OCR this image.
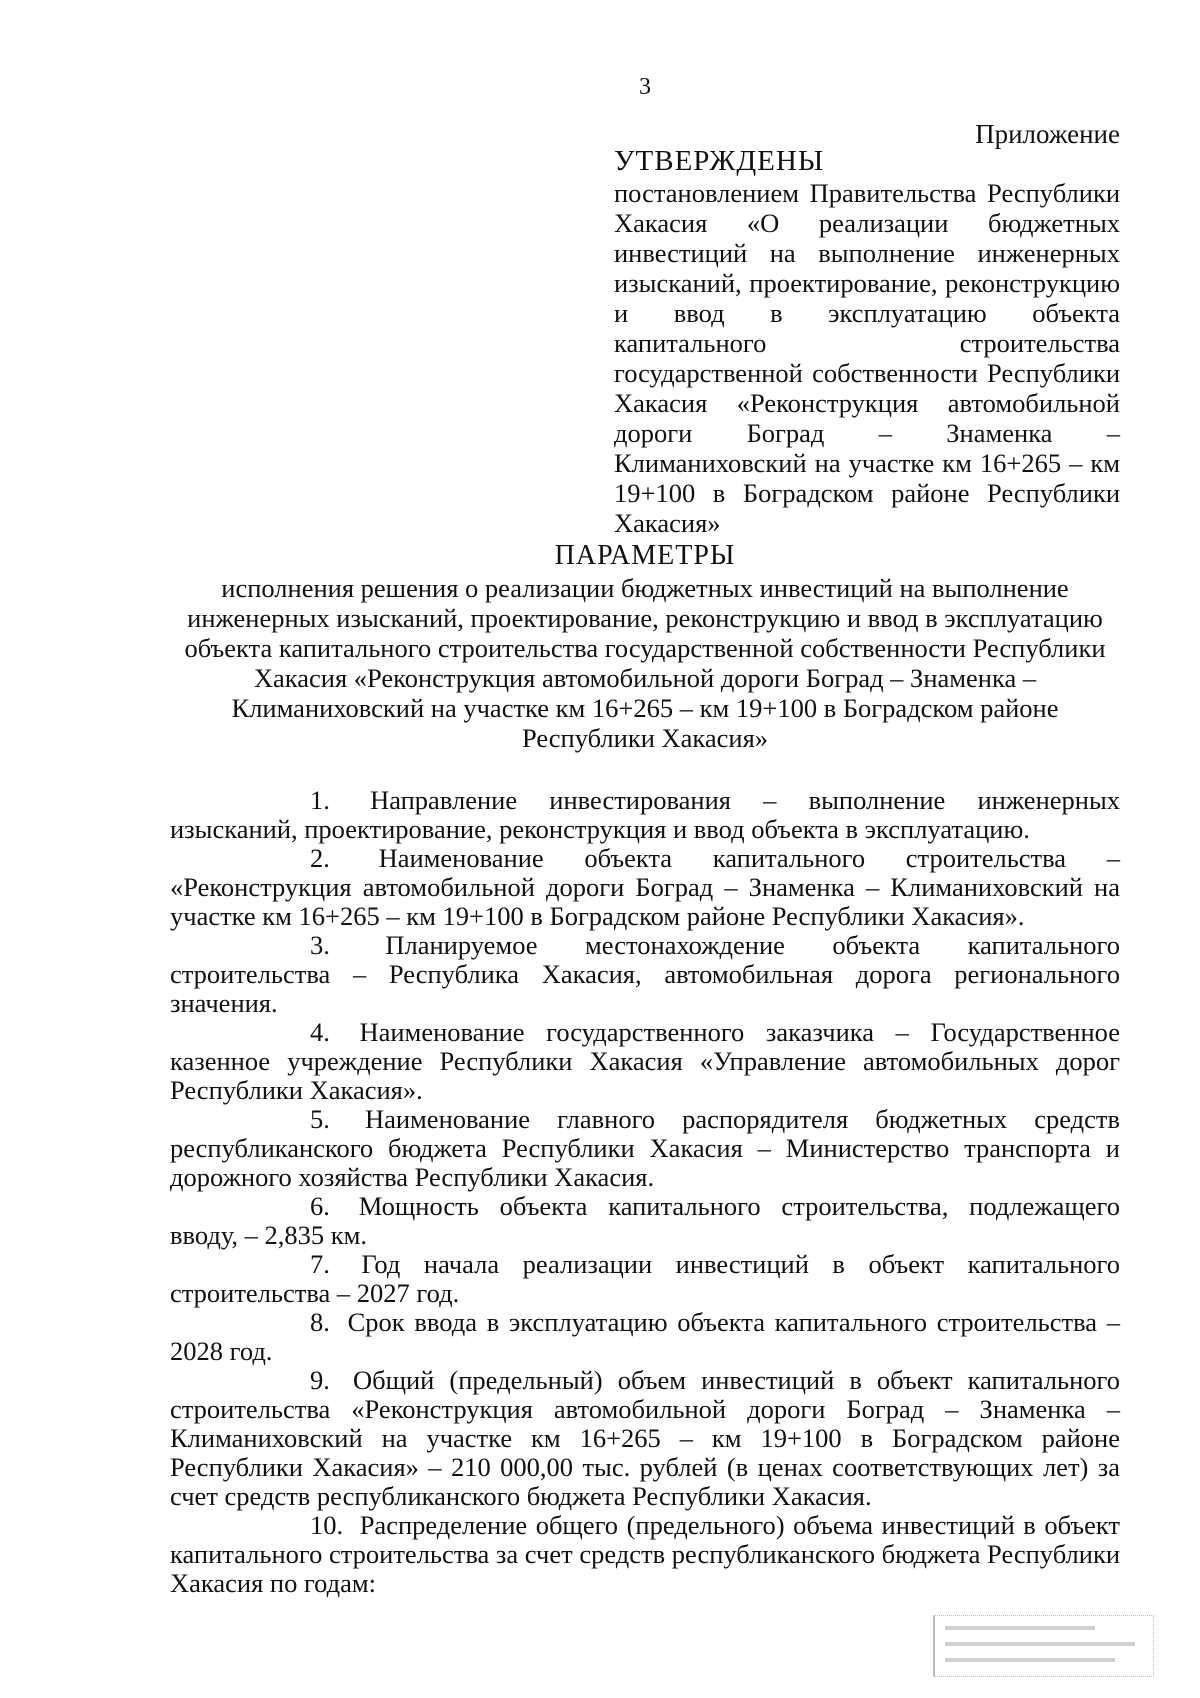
3
Приложение
УТВЕРЖДЕНЫ
постановлением Правительства Республики Хакасия «О реализации бюджетных инвестиций на выполнение инженерных изысканий, проектирование, реконструкцию и ввод в эксплуатацию объекта капитального строительства государственной собственности Республики Хакасия «Реконструкция автомобильной дороги Боград – Знаменка – Климаниховский на участке км 16+265 – км 19+100 в Боградском районе Республики Хакасия»
ПАРАМЕТРЫ
исполнения решения о реализации бюджетных инвестиций на выполнение инженерных изысканий, проектирование, реконструкцию и ввод в эксплуатацию объекта капитального строительства государственной собственности Республики Хакасия «Реконструкция автомобильной дороги Боград – Знаменка – Климаниховский на участке км 16+265 – км 19+100 в Боградском районе Республики Хакасия»

1. Направление инвестирования – выполнение инженерных изысканий, проектирование, реконструкция и ввод объекта в эксплуатацию.

2. Наименование объекта капитального строительства – «Реконструкция автомобильной дороги Боград – Знаменка – Климаниховский на участке км 16+265 – км 19+100 в Боградском районе Республики Хакасия».

3. Планируемое местонахождение объекта капитального строительства – Республика Хакасия, автомобильная дорога регионального значения.

4. Наименование государственного заказчика – Государственное казенное учреждение Республики Хакасия «Управление автомобильных дорог Республики Хакасия».

5. Наименование главного распорядителя бюджетных средств республиканского бюджета Республики Хакасия – Министерство транспорта и дорожного хозяйства Республики Хакасия.

6. Мощность объекта капитального строительства, подлежащего вводу, – 2,835 км.

7. Год начала реализации инвестиций в объект капитального строительства – 2027 год.

8. Срок ввода в эксплуатацию объекта капитального строительства – 2028 год.

9. Общий (предельный) объем инвестиций в объект капитального строительства «Реконструкция автомобильной дороги Боград – Знаменка – Климаниховский на участке км 16+265 – км 19+100 в Боградском районе Республики Хакасия» – 210 000,00 тыс. рублей (в ценах соответствующих лет) за счет средств республиканского бюджета Республики Хакасия.

10. Распределение общего (предельного) объема инвестиций в объект капитального строительства за счет средств республиканского бюджета Республики Хакасия по годам:
